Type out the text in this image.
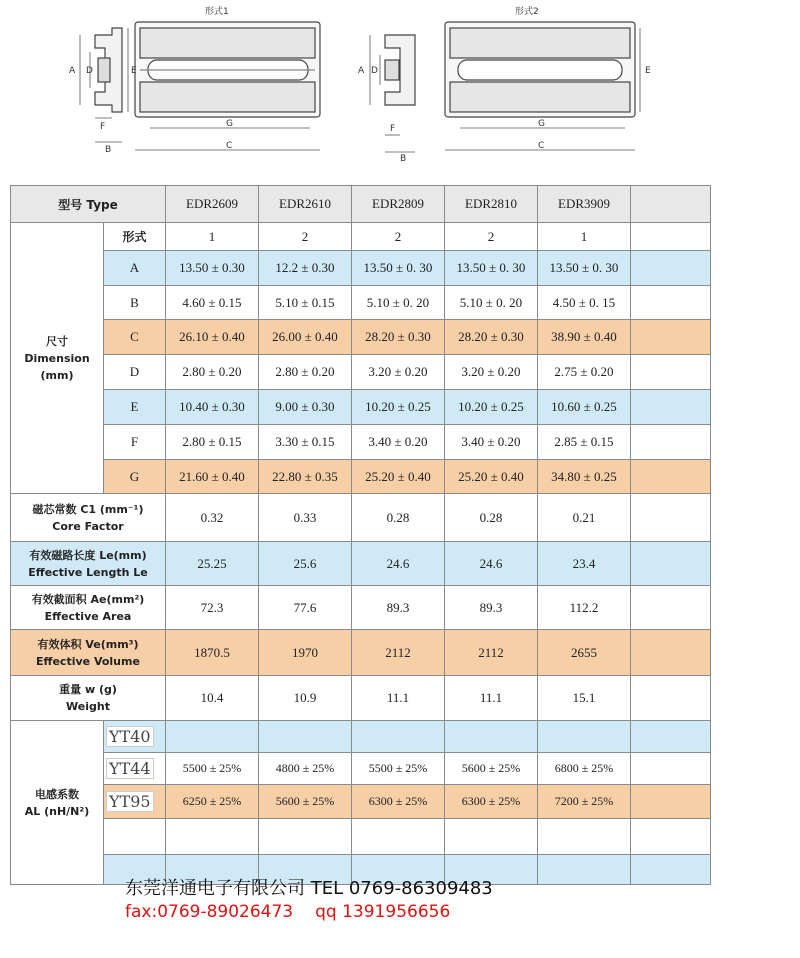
形式1	形式2
A D	E
F
B
G
C
A D	E
F
B
G
C
型号 Type		EDR2609	EDR2610	EDR2809	EDR2810	EDR3909	

尺寸
Dimension
(mm)	形式	1	2	2	2	1	
	A	13.50 ± 0.30	12.2 ± 0.30	13.50 ± 0. 30	13.50 ± 0. 30	13.50 ± 0. 30	
	B	4.60 ± 0.15	5.10 ± 0.15	5.10 ± 0. 20	5.10 ± 0. 20	4.50 ± 0. 15	
	C	26.10 ± 0.40	26.00 ± 0.40	28.20 ± 0.30	28.20 ± 0.30	38.90 ± 0.40	
	D	2.80 ± 0.20	2.80 ± 0.20	3.20 ± 0.20	3.20 ± 0.20	2.75 ± 0.20	
	E	10.40 ± 0.30	9.00 ± 0.30	10.20 ± 0.25	10.20 ± 0.25	10.60 ± 0.25	
	F	2.80 ± 0.15	3.30 ± 0.15	3.40 ± 0.20	3.40 ± 0.20	2.85 ± 0.15	
	G	21.60 ± 0.40	22.80 ± 0.35	25.20 ± 0.40	25.20 ± 0.40	34.80 ± 0.25	

磁芯常数 C1 (mm⁻¹)
Core Factor		0.32	0.33	0.28	0.28	0.21	

有效磁路长度 Le(mm)
Effective Length Le		25.25	25.6	24.6	24.6	23.4	

有效截面积 Ae(mm²)
Effective Area		72.3	77.6	89.3	89.3	112.2	

有效体积 Ve(mm³)
Effective Volume		1870.5	1970	2112	2112	2655	

重量 w (g)
Weight		10.4	10.9	11.1	11.1	15.1	

电感系数
AL (nH/N²)	YT40						
	YT44	5500 ± 25%	4800 ± 25%	5500 ± 25%	5600 ± 25%	6800 ± 25%	
	YT95	6250 ± 25%	5600 ± 25%	6300 ± 25%	6300 ± 25%	7200 ± 25%	

东莞洋通电子有限公司 TEL 0769-86309483
fax:0769-89026473 qq 1391956656
